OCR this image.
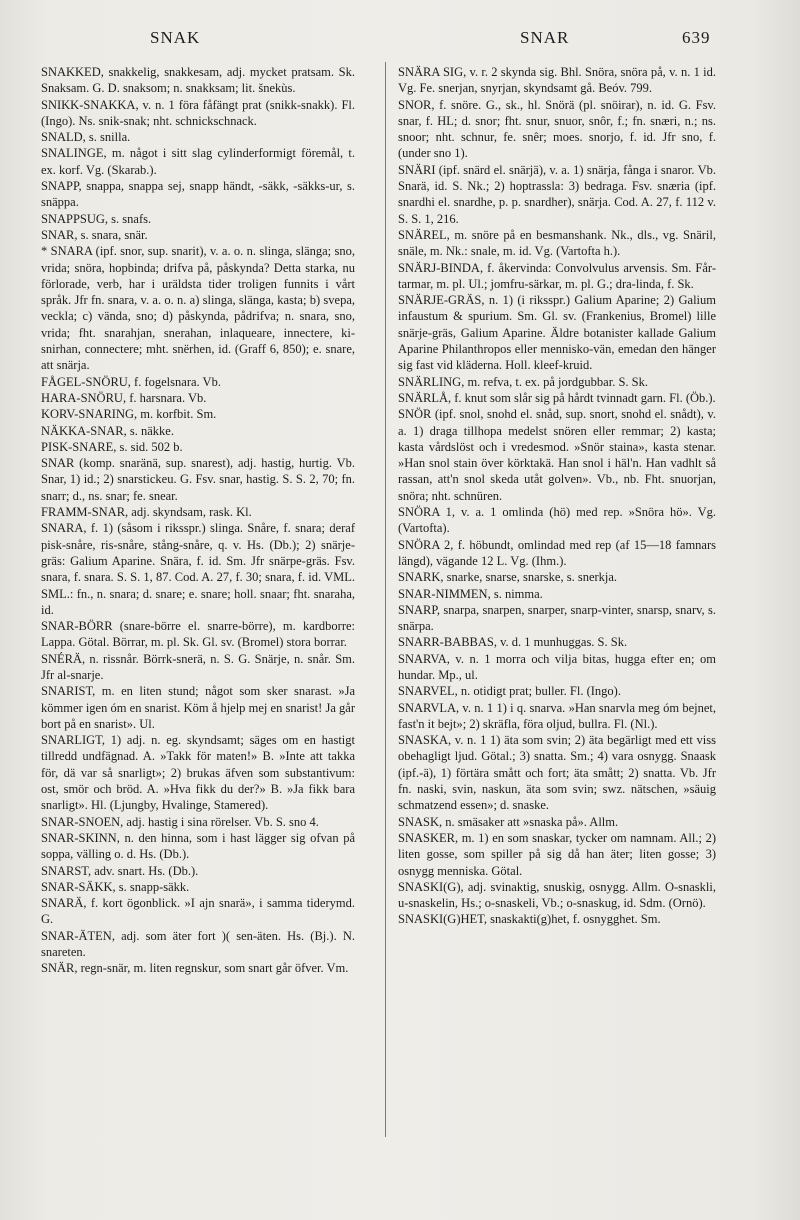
SNAK	SNAR	639

SNAKKED, snakkelig, snakkesam, adj. mycket pratsam. Sk. Snaksam. G. D. snaksom; n. snakksam; lit. šnekùs.

SNIKK-SNAKKA, v. n. 1 föra fåfängt prat (snikk-snakk). Fl. (Ingo). Ns. snik-snak; nht. schnickschnack.

SNALD, s. snilla.

SNALINGE, m. något i sitt slag cylinderformigt föremål, t. ex. korf. Vg. (Skarab.).

SNAPP, snappa, snappa sej, snapp händt, -säkk, -säkks-ur, s. snäppa.

SNAPPSUG, s. snafs.

SNAR, s. snara, snär.

* SNARA (ipf. snor, sup. snarit), v. a. o. n. slinga, slänga; sno, vrida; snöra, hopbinda; drifva på, påskynda? Detta starka, nu förlorade, verb, har i uräldsta tider troligen funnits i vårt språk. Jfr fn. snara, v. a. o. n. a) slinga, slänga, kasta; b) svepa, veckla; c) vända, sno; d) påskynda, pådrifva; n. snara, sno, vrida; fht. snarahjan, snerahan, inlaqueare, innectere, ki-snirhan, connectere; mht. snërhen, id. (Graff 6, 850); e. snare, att snärja.

FÅGEL-SNÖRU, f. fogelsnara. Vb.

HARA-SNÖRU, f. harsnara. Vb.

KORV-SNARING, m. korfbit. Sm.

NÄKKA-SNAR, s. näkke.

PISK-SNARE, s. sid. 502 b.

SNAR (komp. snaränä, sup. snarest), adj. hastig, hurtig. Vb. Snar, 1) id.; 2) snarstickeu. G. Fsv. snar, hastig. S. S. 2, 70; fn. snarr; d., ns. snar; fe. snear.

FRAMM-SNAR, adj. skyndsam, rask. Kl.

SNARA, f. 1) (såsom i riksspr.) slinga. Snåre, f. snara; deraf pisk-snåre, ris-snåre, stång-snåre, q. v. Hs. (Db.); 2) snärje-gräs: Galium Aparine. Snära, f. id. Sm. Jfr snärpe-gräs. Fsv. snara, f. snara. S. S. 1, 87. Cod. A. 27, f. 30; snara, f. id. VML. SML.: fn., n. snara; d. snare; e. snare; holl. snaar; fht. snaraha, id.

SNAR-BÖRR (snare-börre el. snarre-börre), m. kardborre: Lappa. Götal. Börrar, m. pl. Sk. Gl. sv. (Bromel) stora borrar.

SNÉRÄ, n. rissnår. Börrk-snerä, n. S. G. Snärje, n. snår. Sm. Jfr al-snarje.

SNARIST, m. en liten stund; något som sker snarast. »Ja kömmer igen óm en snarist. Köm å hjelp mej en snarist! Ja går bort på en snarist». Ul.

SNARLIGT, 1) adj. n. eg. skyndsamt; säges om en hastigt tillredd undfägnad. A. »Takk för maten!» B. »Inte att takka för, dä var så snarligt»; 2) brukas äfven som substantivum: ost, smör och bröd. A. »Hva fikk du der?» B. »Ja fikk bara snarligt». Hl. (Ljungby, Hvalinge, Stamered).

SNAR-SNOEN, adj. hastig i sina rörelser. Vb. S. sno 4.

SNAR-SKINN, n. den hinna, som i hast lägger sig ofvan på soppa, välling o. d. Hs. (Db.).

SNARST, adv. snart. Hs. (Db.).

SNAR-SÄKK, s. snapp-säkk.

SNARÄ, f. kort ögonblick. »I ajn snarä», i samma tiderymd. G.

SNAR-ÄTEN, adj. som äter fort )( sen-äten. Hs. (Bj.). N. snareten.

SNÄR, regn-snär, m. liten regnskur, som snart går öfver. Vm.

SNÄRA SIG, v. r. 2 skynda sig. Bhl. Snöra, snöra på, v. n. 1 id. Vg. Fe. snerjan, snyrjan, skyndsamt gå. Beóv. 799.

SNOR, f. snöre. G., sk., hl. Snörä (pl. snöirar), n. id. G. Fsv. snar, f. HL; d. snor; fht. snur, snuor, snôr, f.; fn. snæri, n.; ns. snoor; nht. schnur, fe. snêr; moes. snorjo, f. id. Jfr sno, f. (under sno 1).

SNÄRI (ipf. snärd el. snärjä), v. a. 1) snärja, fånga i snaror. Vb. Snarä, id. S. Nk.; 2) hoptrassla: 3) bedraga. Fsv. snæria (ipf. snardhi el. snardhe, p. p. snardher), snärja. Cod. A. 27, f. 112 v. S. S. 1, 216.

SNÄREL, m. snöre på en besmanshank. Nk., dls., vg. Snäril, snäle, m. Nk.: snale, m. id. Vg. (Vartofta h.).

SNÄRJ-BINDA, f. åkervinda: Convolvulus arvensis. Sm. Får-tarmar, m. pl. Ul.; jomfru-särkar, m. pl. G.; dra-linda, f. Sk.

SNÄRJE-GRÄS, n. 1) (i riksspr.) Galium Aparine; 2) Galium infaustum & spurium. Sm. Gl. sv. (Frankenius, Bromel) lille snärje-gräs, Galium Aparine. Äldre botanister kallade Galium Aparine Philanthropos eller mennisko-vän, emedan den hänger sig fast vid kläderna. Holl. kleef-kruid.

SNÄRLING, m. refva, t. ex. på jordgubbar. S. Sk.

SNÄRLÅ, f. knut som slår sig på hårdt tvinnadt garn. Fl. (Öb.).

SNÖR (ipf. snol, snohd el. snåd, sup. snort, snohd el. snådt), v. a. 1) draga tillhopa medelst snören eller remmar; 2) kasta; kasta vårdslöst och i vredesmod. »Snör staina», kasta stenar. »Han snol stain över körktakä. Han snol i häl'n. Han vadhlt så rassan, att'n snol skeda utåt golven». Vb., nb. Fht. snuorjan, snöra; nht. schnüren.

SNÖRA 1, v. a. 1 omlinda (hö) med rep. »Snöra hö». Vg. (Vartofta).

SNÖRA 2, f. höbundt, omlindad med rep (af 15—18 famnars längd), vägande 12 L. Vg. (Ihm.).

SNARK, snarke, snarse, snarske, s. snerkja.

SNAR-NIMMEN, s. nimma.

SNARP, snarpa, snarpen, snarper, snarp-vinter, snarsp, snarv, s. snärpa.

SNARR-BABBAS, v. d. 1 munhuggas. S. Sk.

SNARVA, v. n. 1 morra och vilja bitas, hugga efter en; om hundar. Mp., ul.

SNARVEL, n. otidigt prat; buller. Fl. (Ingo).

SNARVLA, v. n. 1 1) i q. snarva. »Han snarvla meg óm bejnet, fast'n it bejt»; 2) skräfla, föra oljud, bullra. Fl. (Nl.).

SNASKA, v. n. 1 1) äta som svin; 2) äta begärligt med ett viss obehagligt ljud. Götal.; 3) snatta. Sm.; 4) vara osnygg. Snaask (ipf.-ä), 1) förtära smått och fort; äta smått; 2) snatta. Vb. Jfr fn. naski, svin, naskun, äta som svin; swz. nätschen, »säuig schmatzend essen»; d. snaske.

SNASK, n. smäsaker att »snaska på». Allm.

SNASKER, m. 1) en som snaskar, tycker om namnam. All.; 2) liten gosse, som spiller på sig då han äter; liten gosse; 3) osnygg menniska. Götal.

SNASKI(G), adj. svinaktig, snuskig, osnygg. Allm. O-snaskli, u-snaskelin, Hs.; o-snaskeli, Vb.; o-snaskug, id. Sdm. (Ornö).

SNASKI(G)HET, snaskakti(g)het, f. osnygghet. Sm.
